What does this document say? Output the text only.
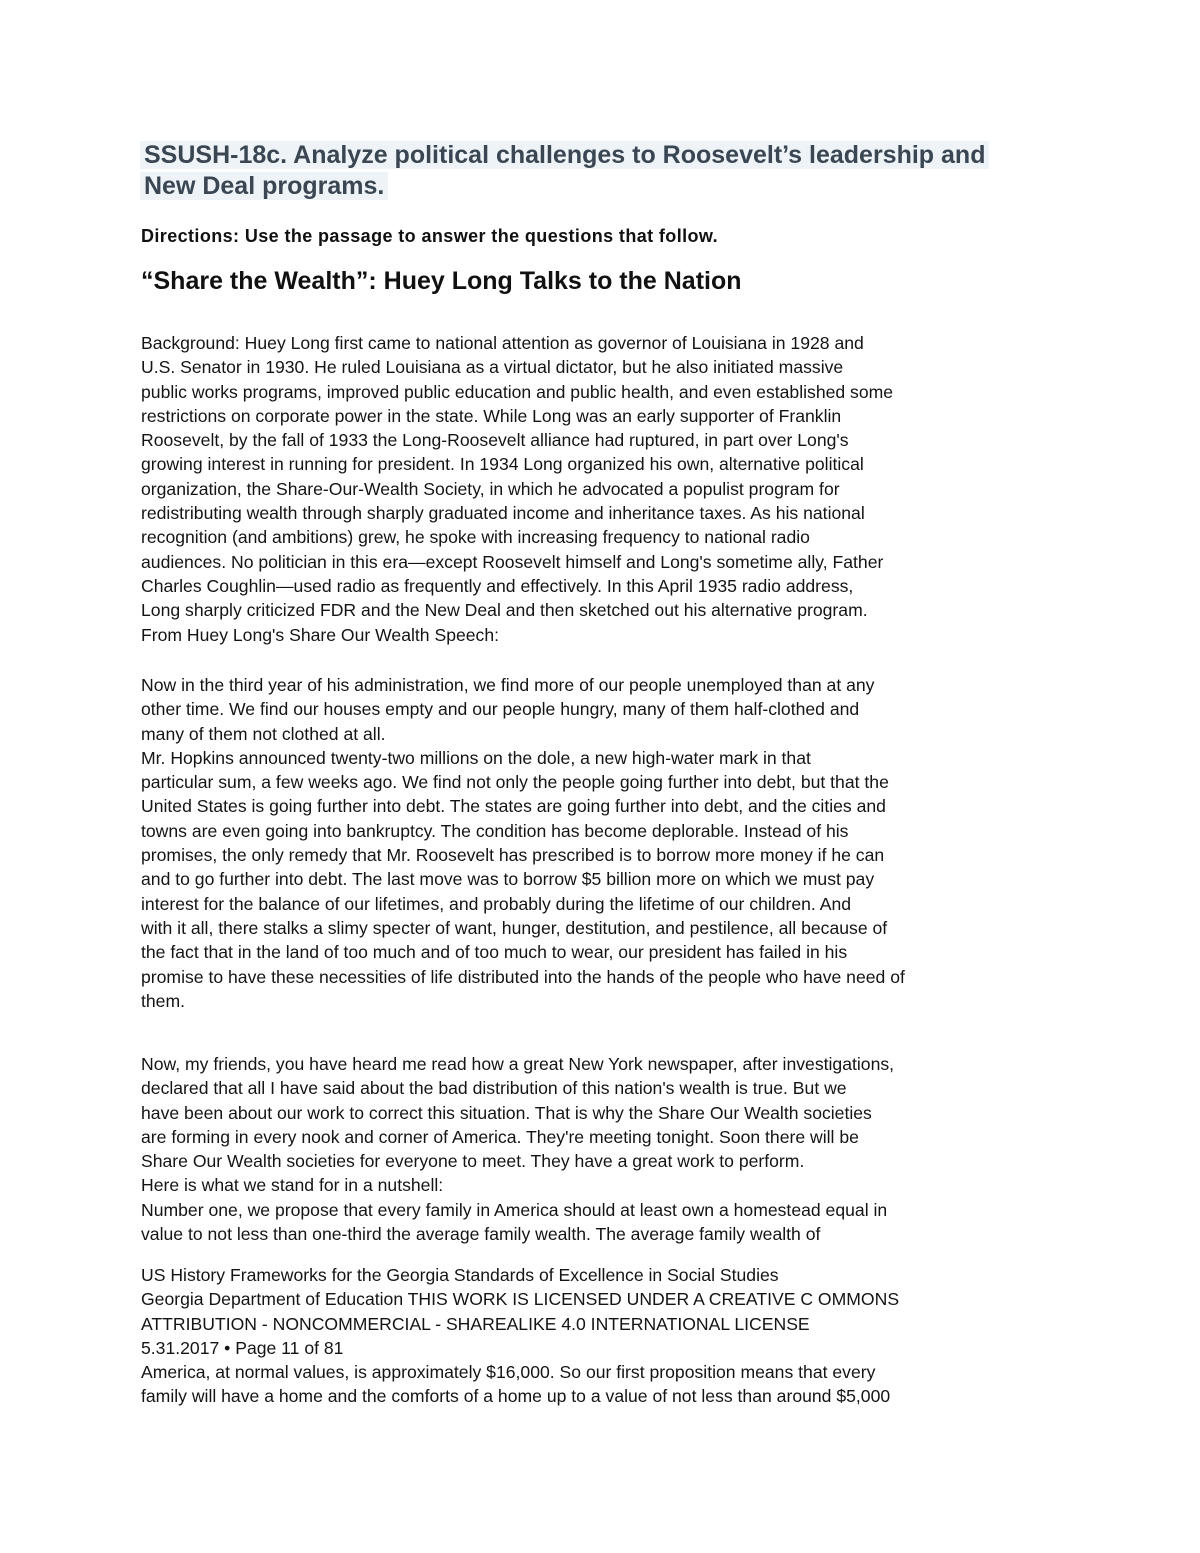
SSUSH-18c. Analyze political challenges to Roosevelt’s leadership and
New Deal programs.

Directions: Use the passage to answer the questions that follow.

“Share the Wealth”: Huey Long Talks to the Nation
Background: Huey Long first came to national attention as governor of Louisiana in 1928 and
U.S. Senator in 1930. He ruled Louisiana as a virtual dictator, but he also initiated massive
public works programs, improved public education and public health, and even established some
restrictions on corporate power in the state. While Long was an early supporter of Franklin
Roosevelt, by the fall of 1933 the Long-Roosevelt alliance had ruptured, in part over Long's
growing interest in running for president. In 1934 Long organized his own, alternative political
organization, the Share-Our-Wealth Society, in which he advocated a populist program for
redistributing wealth through sharply graduated income and inheritance taxes. As his national
recognition (and ambitions) grew, he spoke with increasing frequency to national radio
audiences. No politician in this era—except Roosevelt himself and Long's sometime ally, Father
Charles Coughlin—used radio as frequently and effectively. In this April 1935 radio address,
Long sharply criticized FDR and the New Deal and then sketched out his alternative program.
From Huey Long's Share Our Wealth Speech:
Now in the third year of his administration, we find more of our people unemployed than at any
other time. We find our houses empty and our people hungry, many of them half-clothed and
many of them not clothed at all.
Mr. Hopkins announced twenty-two millions on the dole, a new high-water mark in that
particular sum, a few weeks ago. We find not only the people going further into debt, but that the
United States is going further into debt. The states are going further into debt, and the cities and
towns are even going into bankruptcy. The condition has become deplorable. Instead of his
promises, the only remedy that Mr. Roosevelt has prescribed is to borrow more money if he can
and to go further into debt. The last move was to borrow $5 billion more on which we must pay
interest for the balance of our lifetimes, and probably during the lifetime of our children. And
with it all, there stalks a slimy specter of want, hunger, destitution, and pestilence, all because of
the fact that in the land of too much and of too much to wear, our president has failed in his
promise to have these necessities of life distributed into the hands of the people who have need of
them.
Now, my friends, you have heard me read how a great New York newspaper, after investigations,
declared that all I have said about the bad distribution of this nation's wealth is true. But we
have been about our work to correct this situation. That is why the Share Our Wealth societies
are forming in every nook and corner of America. They're meeting tonight. Soon there will be
Share Our Wealth societies for everyone to meet. They have a great work to perform.
Here is what we stand for in a nutshell:
Number one, we propose that every family in America should at least own a homestead equal in
value to not less than one-third the average family wealth. The average family wealth of
US History Frameworks for the Georgia Standards of Excellence in Social Studies
Georgia Department of Education THIS WORK IS LICENSED UNDER A CREATIVE C OMMONS
ATTRIBUTION - NONCOMMERCIAL - SHAREALIKE 4.0 INTERNATIONAL LICENSE
5.31.2017 • Page 11 of 81
America, at normal values, is approximately $16,000. So our first proposition means that every
family will have a home and the comforts of a home up to a value of not less than around $5,000
